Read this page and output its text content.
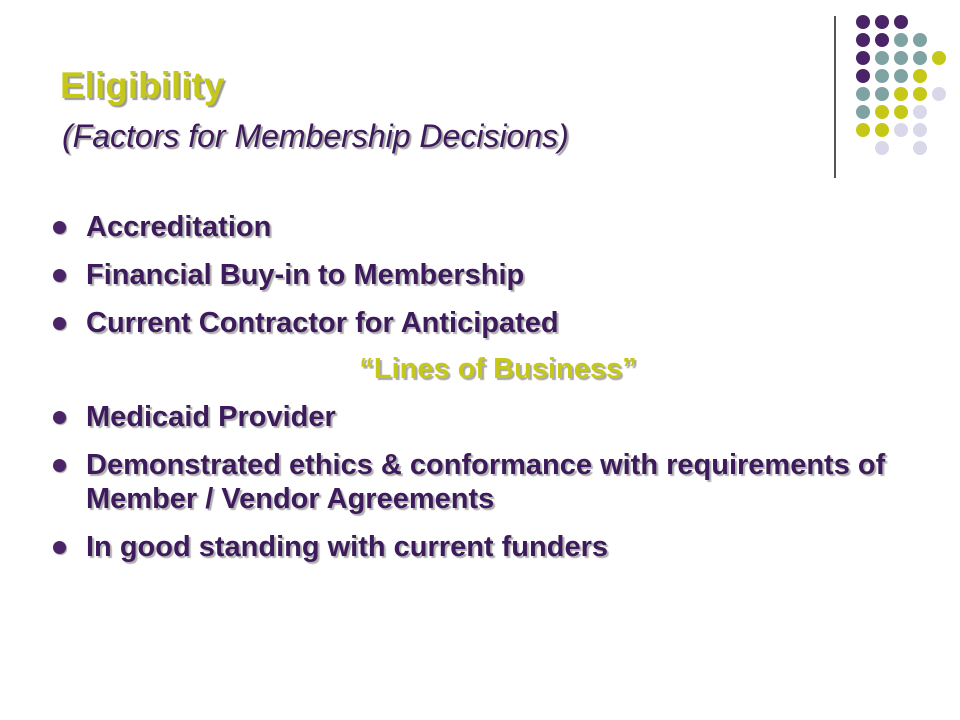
Eligibility
(Factors for Membership Decisions)
Accreditation
Financial Buy-in to Membership
Current Contractor for Anticipated
“Lines of Business”
Medicaid Provider
Demonstrated ethics & conformance with requirements of Member / Vendor Agreements
In good standing with current funders
